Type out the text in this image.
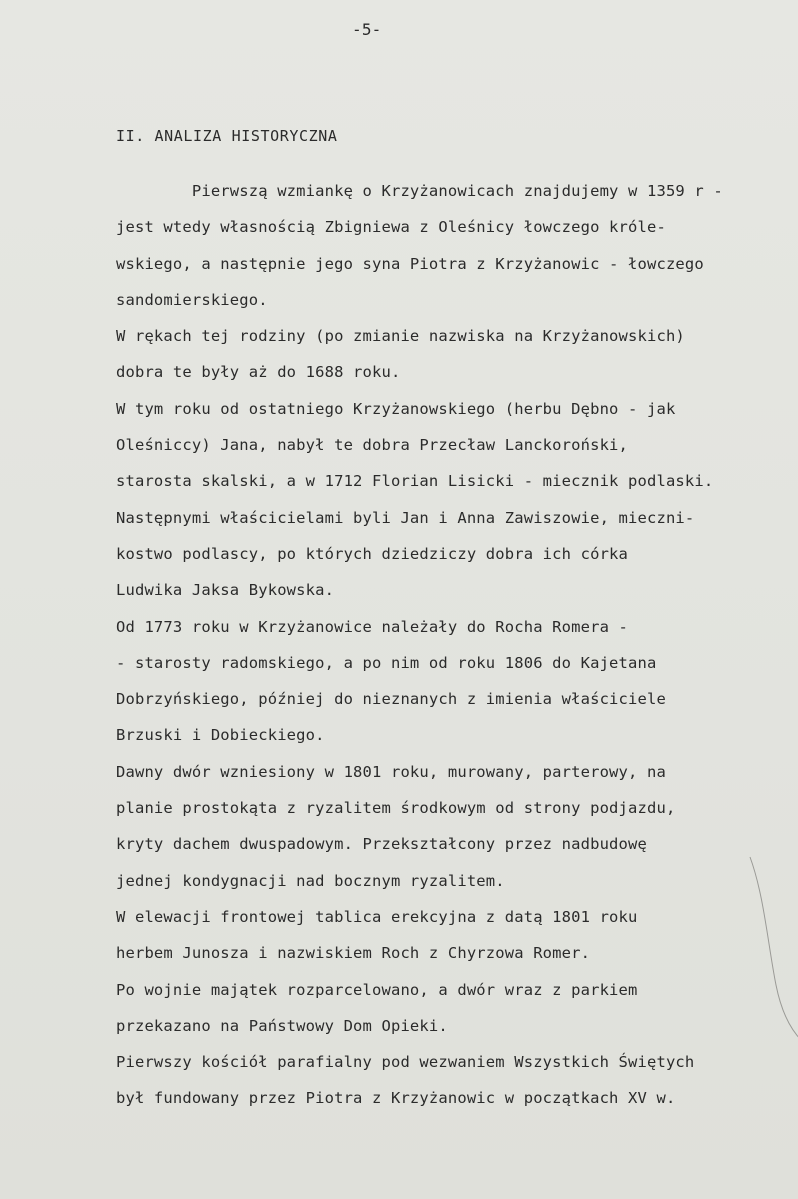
-5-
II. ANALIZA HISTORYCZNA
Pierwszą wzmiankę o Krzyżanowicach znajdujemy w 1359 r -
jest wtedy własnością Zbigniewa z Oleśnicy łowczego króle-
wskiego, a następnie jego syna Piotra z Krzyżanowic - łowczego
sandomierskiego.
W rękach tej rodziny (po zmianie nazwiska na Krzyżanowskich)
dobra te były aż do 1688 roku.
W tym roku od ostatniego Krzyżanowskiego (herbu Dębno - jak
Oleśniccy) Jana, nabył te dobra Przecław Lanckoroński,
starosta skalski, a w 1712 Florian Lisicki - miecznik podlaski.
Następnymi właścicielami byli Jan i Anna Zawiszowie, mieczni-
kostwo podlascy, po których dziedziczy dobra ich córka
Ludwika Jaksa Bykowska.
Od 1773 roku w Krzyżanowice należały do Rocha Romera -
- starosty radomskiego, a po nim od roku 1806 do Kajetana
Dobrzyńskiego, później do nieznanych z imienia właściciele
Brzuski i Dobieckiego.
Dawny dwór wzniesiony w 1801 roku, murowany, parterowy, na
planie prostokąta z ryzalitem środkowym od strony podjazdu,
kryty dachem dwuspadowym. Przekształcony przez nadbudowę
jednej kondygnacji nad bocznym ryzalitem.
W elewacji frontowej tablica erekcyjna z datą 1801 roku
herbem Junosza i nazwiskiem Roch z Chyrzowa Romer.
Po wojnie majątek rozparcelowano, a dwór wraz z parkiem
przekazano na Państwowy Dom Opieki.
Pierwszy kościół parafialny pod wezwaniem Wszystkich Świętych
był fundowany przez Piotra z Krzyżanowic w początkach XV w.
